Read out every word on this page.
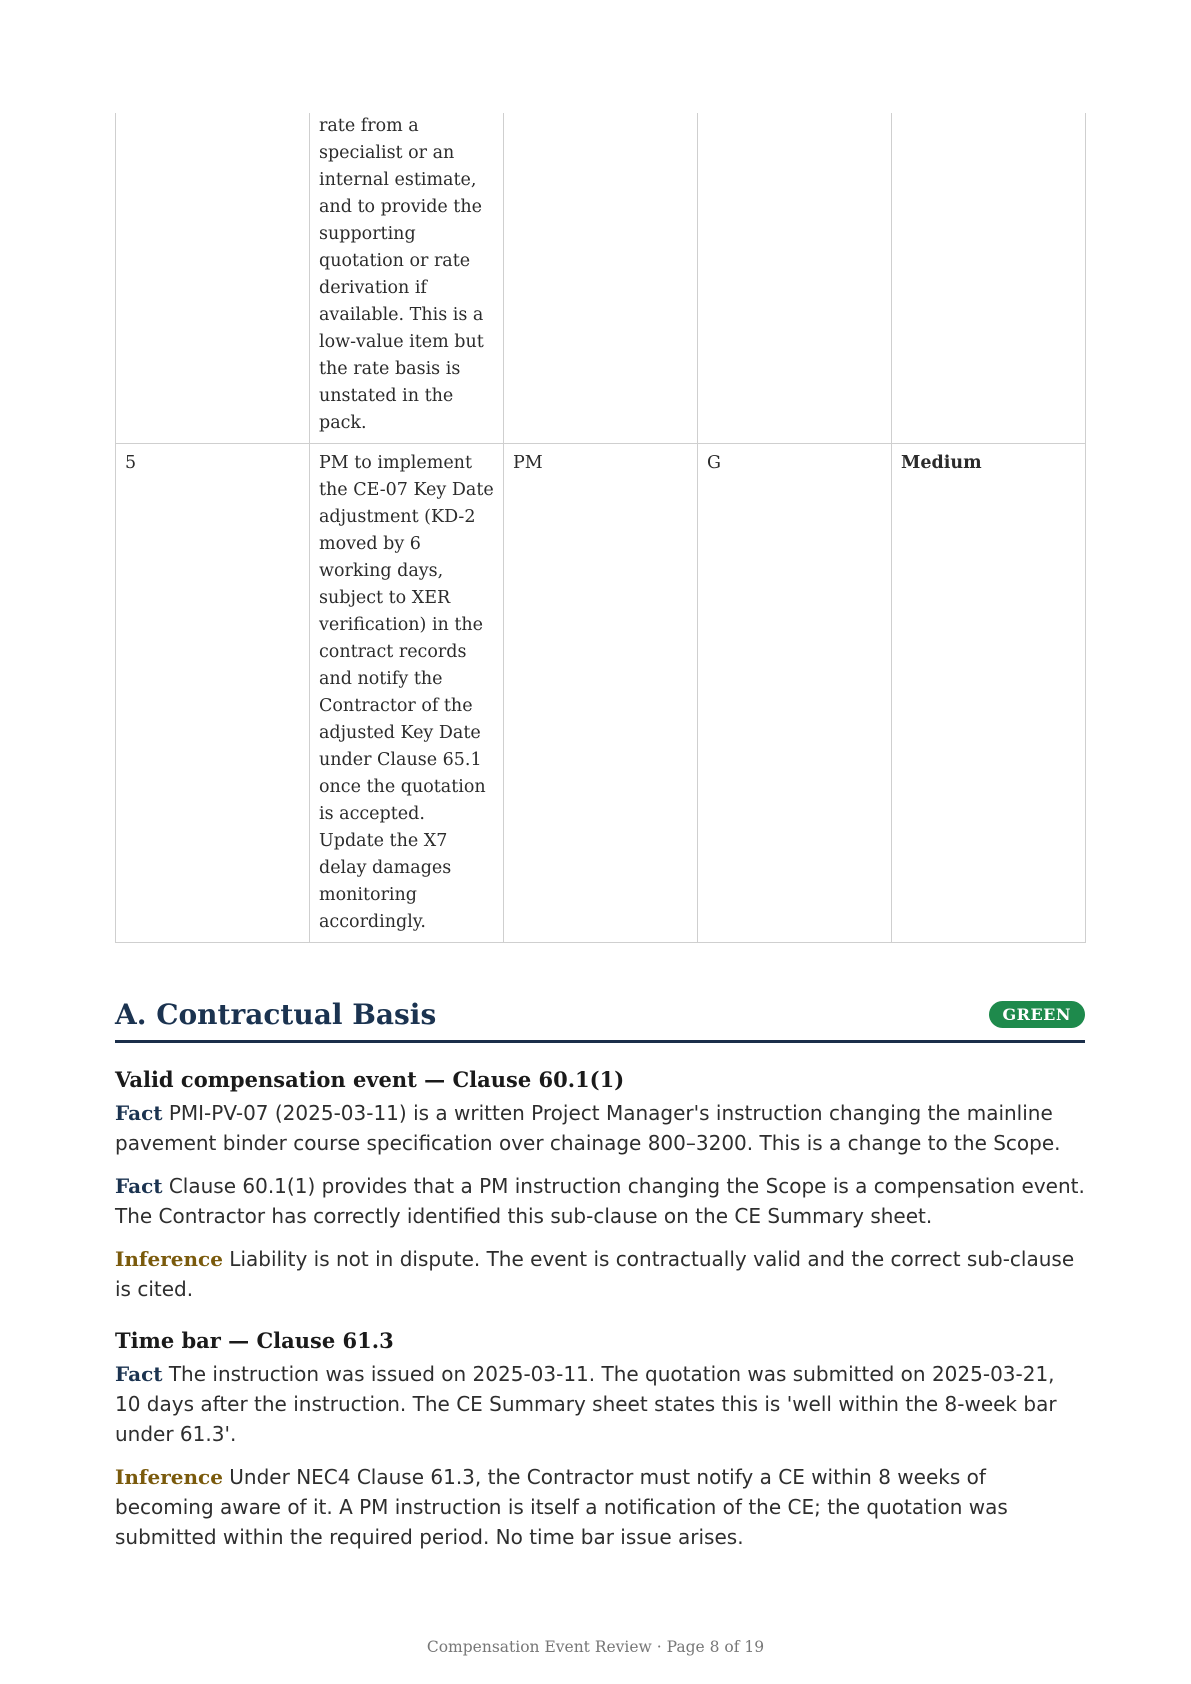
	rate from a specialist or an internal estimate, and to provide the supporting quotation or rate derivation if available. This is a low-value item but the rate basis is unstated in the pack.			
5	PM to implement the CE-07 Key Date adjustment (KD-2 moved by 6 working days, subject to XER verification) in the contract records and notify the Contractor of the adjusted Key Date under Clause 65.1 once the quotation is accepted. Update the X7 delay damages monitoring accordingly.	PM	G	Medium
A. Contractual Basis	GREEN
Valid compensation event — Clause 60.1(1)

Fact PMI-PV-07 (2025-03-11) is a written Project Manager's instruction changing the mainline pavement binder course specification over chainage 800–3200. This is a change to the Scope.

Fact Clause 60.1(1) provides that a PM instruction changing the Scope is a compensation event. The Contractor has correctly identified this sub-clause on the CE Summary sheet.

Inference Liability is not in dispute. The event is contractually valid and the correct sub-clause is cited.

Time bar — Clause 61.3

Fact The instruction was issued on 2025-03-11. The quotation was submitted on 2025-03-21, 10 days after the instruction. The CE Summary sheet states this is 'well within the 8-week bar under 61.3'.

Inference Under NEC4 Clause 61.3, the Contractor must notify a CE within 8 weeks of becoming aware of it. A PM instruction is itself a notification of the CE; the quotation was submitted within the required period. No time bar issue arises.

Compensation Event Review · Page 8 of 19
